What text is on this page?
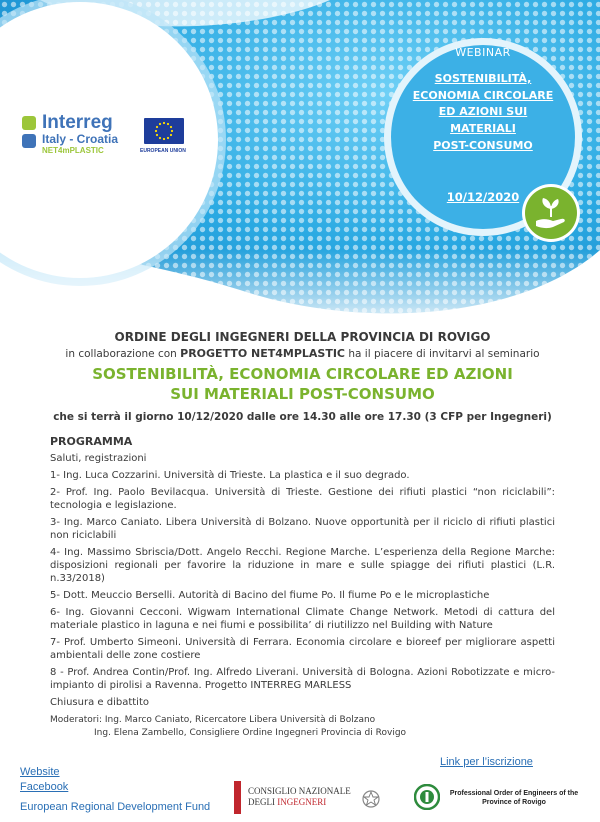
Interreg
Italy - Croatia
NET4mPLASTIC	EUROPEAN UNION
WEBINAR
SOSTENIBILITÀ,
ECONOMIA CIRCOLARE
ED AZIONI SUI
MATERIALI
POST-CONSUMO
10/12/2020
ORDINE DEGLI INGEGNERI DELLA PROVINCIA DI ROVIGO
in collaborazione con PROGETTO NET4MPLASTIC ha il piacere di invitarvi al seminario
SOSTENIBILITÀ, ECONOMIA CIRCOLARE ED AZIONI
SUI MATERIALI POST-CONSUMO
che si terrà il giorno 10/12/2020 dalle ore 14.30 alle ore 17.30 (3 CFP per Ingegneri)
PROGRAMMA
Saluti, registrazioni
1- Ing. Luca Cozzarini. Università di Trieste. La plastica e il suo degrado.
2- Prof. Ing. Paolo Bevilacqua. Università di Trieste. Gestione dei rifiuti plastici “non riciclabili”: tecnologia e legislazione.
3- Ing. Marco Caniato. Libera Università di Bolzano. Nuove opportunità per il riciclo di rifiuti plastici non riciclabili
4- Ing. Massimo Sbriscia/Dott. Angelo Recchi. Regione Marche. L’esperienza della Regione Marche: disposizioni regionali per favorire la riduzione in mare e sulle spiagge dei rifiuti plastici (L.R. n.33/2018)
5- Dott. Meuccio Berselli. Autorità di Bacino del fiume Po. Il fiume Po e le microplastiche
6- Ing. Giovanni Cecconi. Wigwam International Climate Change Network. Metodi di cattura del materiale plastico in laguna e nei fiumi e possibilita’ di riutilizzo nel Building with Nature
7- Prof. Umberto Simeoni. Università di Ferrara. Economia circolare e bioreef per migliorare aspetti ambientali delle zone costiere
8 - Prof. Andrea Contin/Prof. Ing. Alfredo Liverani. Università di Bologna. Azioni Robotizzate e micro-impianto di pirolisi a Ravenna. Progetto INTERREG MARLESS
Chiusura e dibattito
Moderatori: Ing. Marco Caniato, Ricercatore Libera Università di Bolzano
Ing. Elena Zambello, Consigliere Ordine Ingegneri Provincia di Rovigo
Website
Facebook
European Regional Development Fund
Link per l’iscrizione
CONSIGLIO NAZIONALE
DEGLI INGEGNERI
Professional Order of Engineers of the
Province of Rovigo
